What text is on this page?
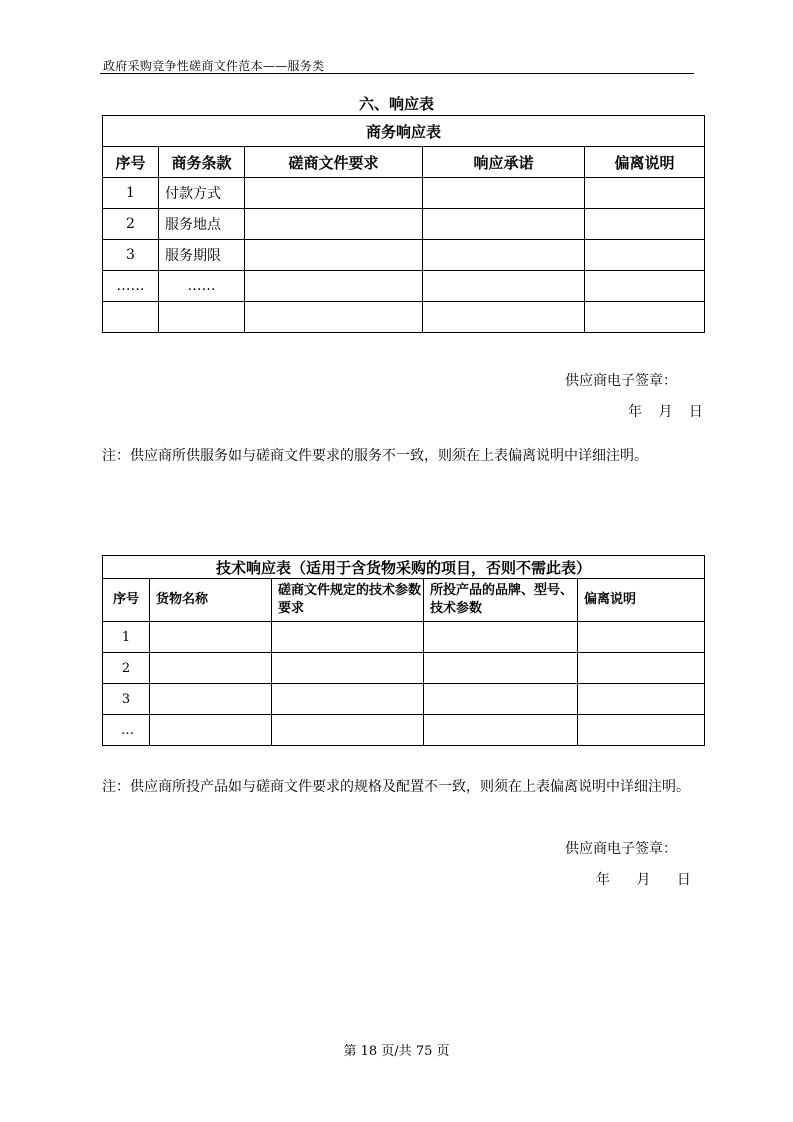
政府采购竞争性磋商文件范本——服务类
六、响应表
商务响应表				
序号	商务条款	磋商文件要求	响应承诺	偏离说明
1	付款方式			
2	服务地点			
3	服务期限			
……	……			

供应商电子签章：
年 月 日
注：供应商所供服务如与磋商文件要求的服务不一致，则须在上表偏离说明中详细注明。
技术响应表（适用于含货物采购的项目，否则不需此表）				
序号	货物名称	磋商文件规定的技术参数要求	所投产品的品牌、型号、技术参数	偏离说明
1				
2				
3				
…				
注：供应商所投产品如与磋商文件要求的规格及配置不一致，则须在上表偏离说明中详细注明。
供应商电子签章：
年 月 日
第 18 页/共 75 页
